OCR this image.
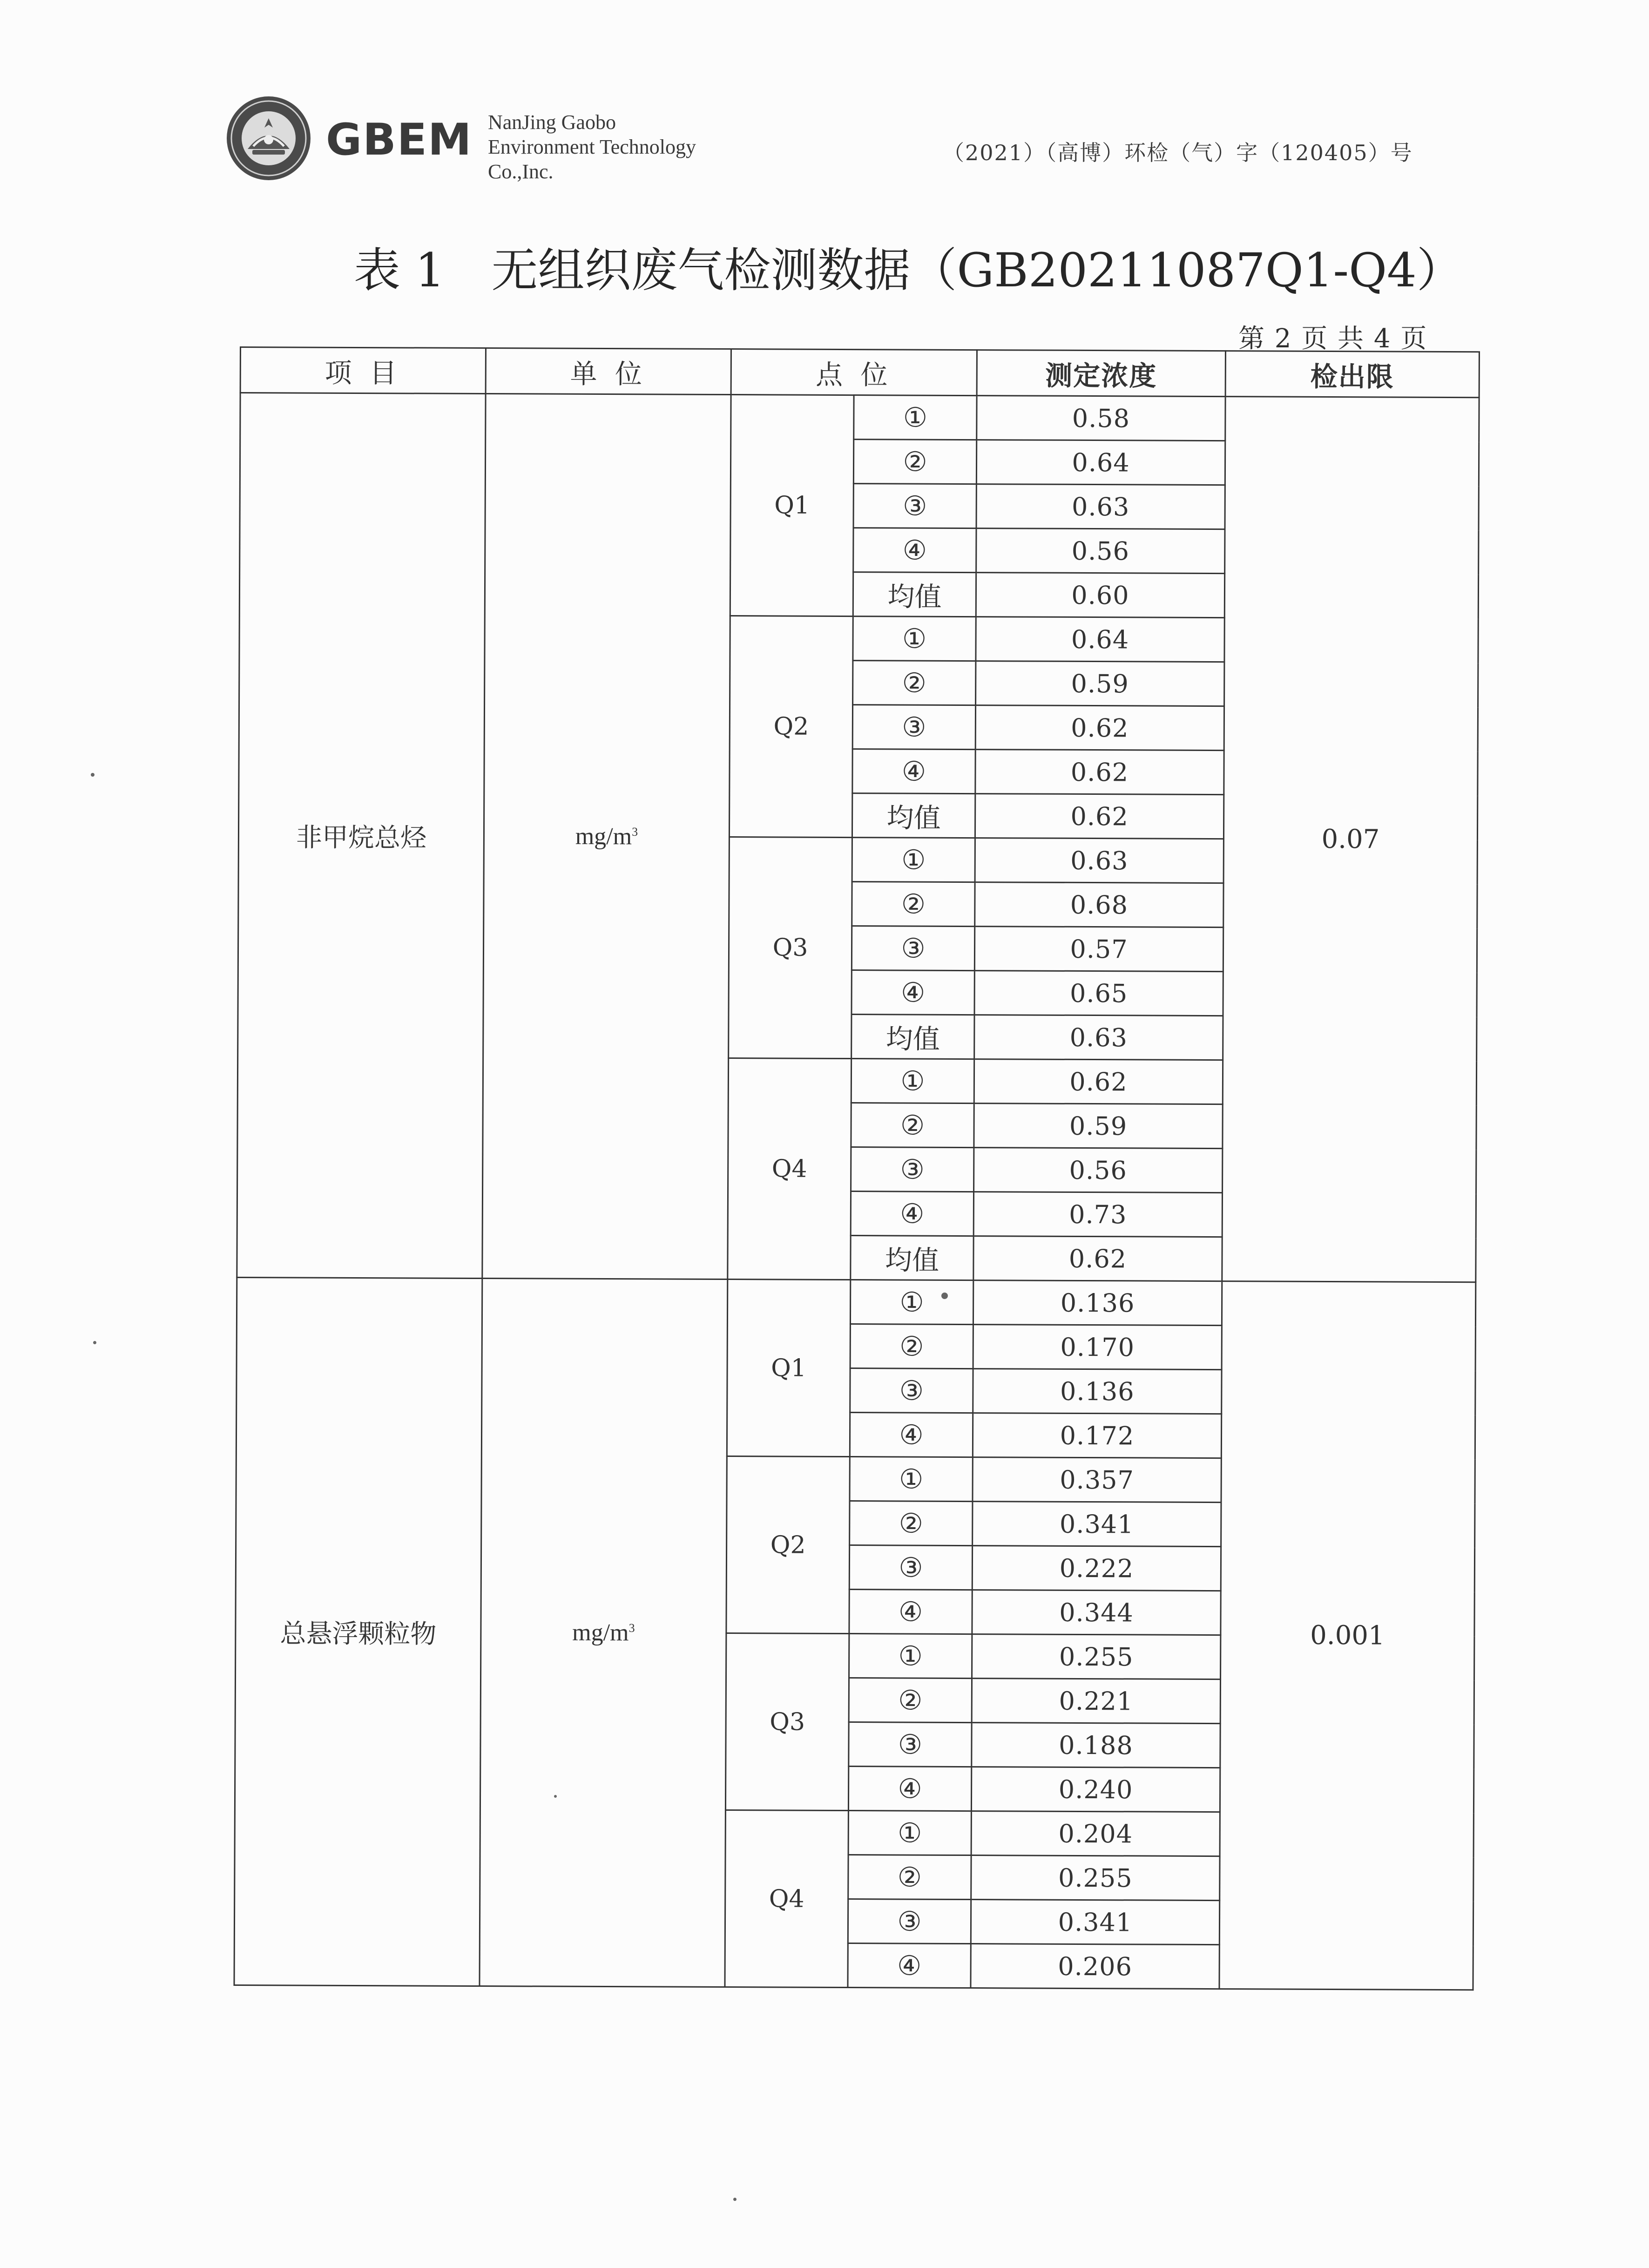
GBEM NanJing Gaobo
Environment Technology
Co.,Inc.
（2021）（高博）环检（气）字（120405）号
表 1 无组织废气检测数据（GB20211087Q1-Q4）
第 2 页 共 4 页
项 目	单 位	点 位		测定浓度	检出限
非甲烷总烃	$mg/m^3$	Q1	①	0.58	0.07
			②	0.64	
			③	0.63	
			④	0.56	
			均值	0.60	
		Q2	①	0.64	
			②	0.59	
			③	0.62	
			④	0.62	
			均值	0.62	
		Q3	①	0.63	
			②	0.68	
			③	0.57	
			④	0.65	
			均值	0.63	
		Q4	①	0.62	
			②	0.59	
			③	0.56	
			④	0.73	
			均值	0.62	
总悬浮颗粒物	$mg/m^3$	Q1	①	0.136	0.001
			②	0.170	
			③	0.136	
			④	0.172	
		Q2	①	0.357	
			②	0.341	
			③	0.222	
			④	0.344	
		Q3	①	0.255	
			②	0.221	
			③	0.188	
			④	0.240	
		Q4	①	0.204	
			②	0.255	
			③	0.341	
			④	0.206	
